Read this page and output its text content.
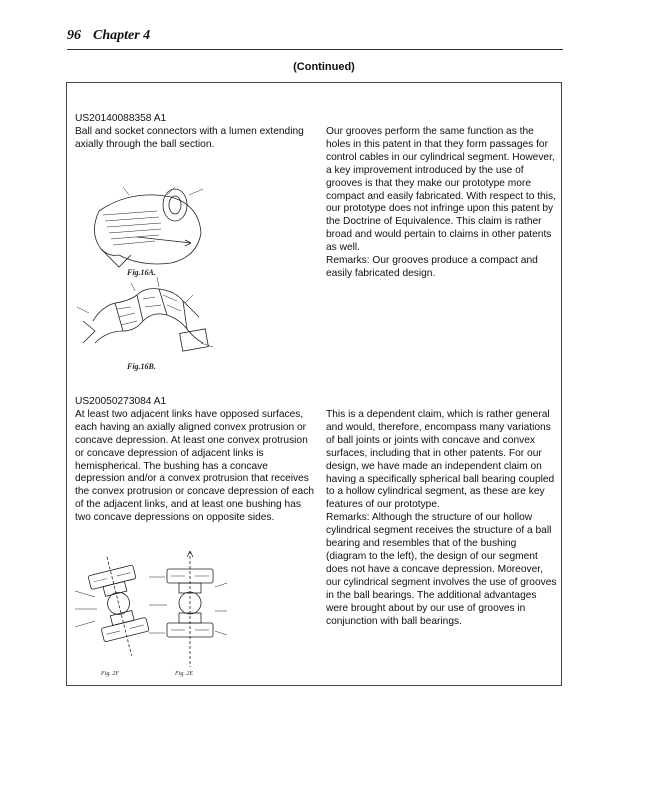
96 Chapter 4
(Continued)

US20140088358 A1

Ball and socket connectors with a lumen extending axially through the ball section.

Fig.16A.
Fig.16B.

Our grooves perform the same function as the holes in this patent in that they form passages for control cables in our cylindrical segment. However, a key improvement introduced by the use of grooves is that they make our prototype more compact and easily fabricated. With respect to this, our prototype does not infringe upon this patent by the Doctrine of Equivalence. This claim is rather broad and would pertain to claims in other patents as well.

Remarks: Our grooves produce a compact and easily fabricated design.

US20050273084 A1

At least two adjacent links have opposed surfaces, each having an axially aligned convex protrusion or concave depression. At least one convex protrusion or concave depression of adjacent links is hemispherical. The bushing has a concave depression and/or a convex protrusion that receives the convex protrusion or concave depression of each of the adjacent links, and at least one bushing has two concave depressions on opposite sides.

Fig. 2F	Fig. 2E

This is a dependent claim, which is rather general and would, therefore, encompass many variations of ball joints or joints with concave and convex surfaces, including that in other patents. For our design, we have made an independent claim on having a specifically spherical ball bearing coupled to a hollow cylindrical segment, as these are key features of our prototype.

Remarks: Although the structure of our hollow cylindrical segment receives the structure of a ball bearing and resembles that of the bushing (diagram to the left), the design of our segment does not have a concave depression. Moreover, our cylindrical segment involves the use of grooves in the ball bearings. The additional advantages were brought about by our use of grooves in conjunction with ball bearings.
